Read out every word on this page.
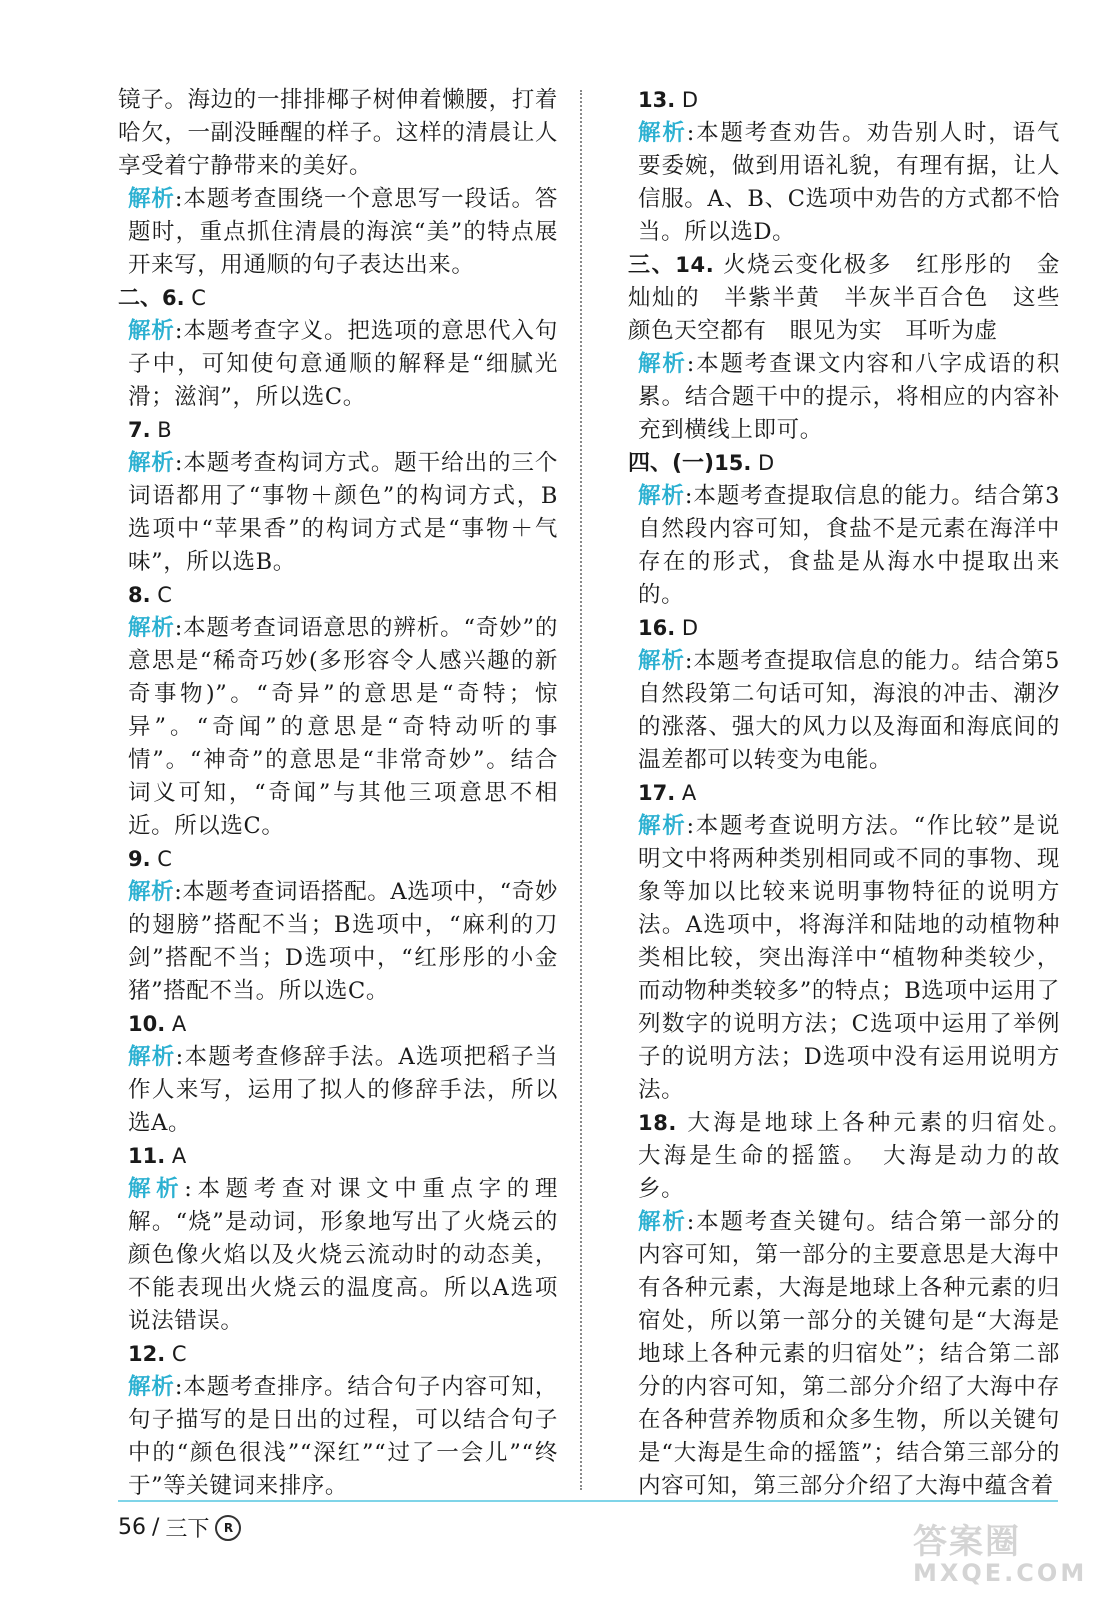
镜子。海边的一排排椰子树伸着懒腰，打着哈欠，一副没睡醒的样子。这样的清晨让人享受着宁静带来的美好。

解析:本题考查围绕一个意思写一段话。答题时，重点抓住清晨的海滨“美”的特点展开来写，用通顺的句子表达出来。

二、6. C

解析:本题考查字义。把选项的意思代入句子中，可知使句意通顺的解释是“细腻光滑；滋润”，所以选C。

7. B

解析:本题考查构词方式。题干给出的三个词语都用了“事物＋颜色”的构词方式，B选项中“苹果香”的构词方式是“事物＋气味”，所以选B。

8. C

解析:本题考查词语意思的辨析。“奇妙”的意思是“稀奇巧妙(多形容令人感兴趣的新奇事物)”。“奇异”的意思是“奇特；惊异”。“奇闻”的意思是“奇特动听的事情”。“神奇”的意思是“非常奇妙”。结合词义可知，“奇闻”与其他三项意思不相近。所以选C。

9. C

解析:本题考查词语搭配。A选项中，“奇妙的翅膀”搭配不当；B选项中，“麻利的刀剑”搭配不当；D选项中，“红彤彤的小金猪”搭配不当。所以选C。

10. A

解析:本题考查修辞手法。A选项把稻子当作人来写，运用了拟人的修辞手法，所以选A。

11. A

解析:本题考查对课文中重点字的理解。“烧”是动词，形象地写出了火烧云的颜色像火焰以及火烧云流动时的动态美，不能表现出火烧云的温度高。所以A选项说法错误。

12. C

解析:本题考查排序。结合句子内容可知，句子描写的是日出的过程，可以结合句子中的“颜色很浅”“深红”“过了一会儿”“终于”等关键词来排序。

13. D

解析:本题考查劝告。劝告别人时，语气要委婉，做到用语礼貌，有理有据，让人信服。A、B、C选项中劝告的方式都不恰当。所以选D。

三、14. 火烧云变化极多　红彤彤的　金灿灿的　半紫半黄　半灰半百合色　这些颜色天空都有　眼见为实　耳听为虚

解析:本题考查课文内容和八字成语的积累。结合题干中的提示，将相应的内容补充到横线上即可。

四、(一)15. D

解析:本题考查提取信息的能力。结合第3自然段内容可知，食盐不是元素在海洋中存在的形式，食盐是从海水中提取出来的。

16. D

解析:本题考查提取信息的能力。结合第5自然段第二句话可知，海浪的冲击、潮汐的涨落、强大的风力以及海面和海底间的温差都可以转变为电能。

17. A

解析:本题考查说明方法。“作比较”是说明文中将两种类别相同或不同的事物、现象等加以比较来说明事物特征的说明方法。A选项中，将海洋和陆地的动植物种类相比较，突出海洋中“植物种类较少，而动物种类较多”的特点；B选项中运用了列数字的说明方法；C选项中运用了举例子的说明方法；D选项中没有运用说明方法。

18. 大海是地球上各种元素的归宿处。　大海是生命的摇篮。　大海是动力的故乡。

解析:本题考查关键句。结合第一部分的内容可知，第一部分的主要意思是大海中有各种元素，大海是地球上各种元素的归宿处，所以第一部分的关键句是“大海是地球上各种元素的归宿处”；结合第二部分的内容可知，第二部分介绍了大海中存在各种营养物质和众多生物，所以关键句是“大海是生命的摇篮”；结合第三部分的内容可知，第三部分介绍了大海中蕴含着

56 / 三下	R	答案圈
MXQE.COM
